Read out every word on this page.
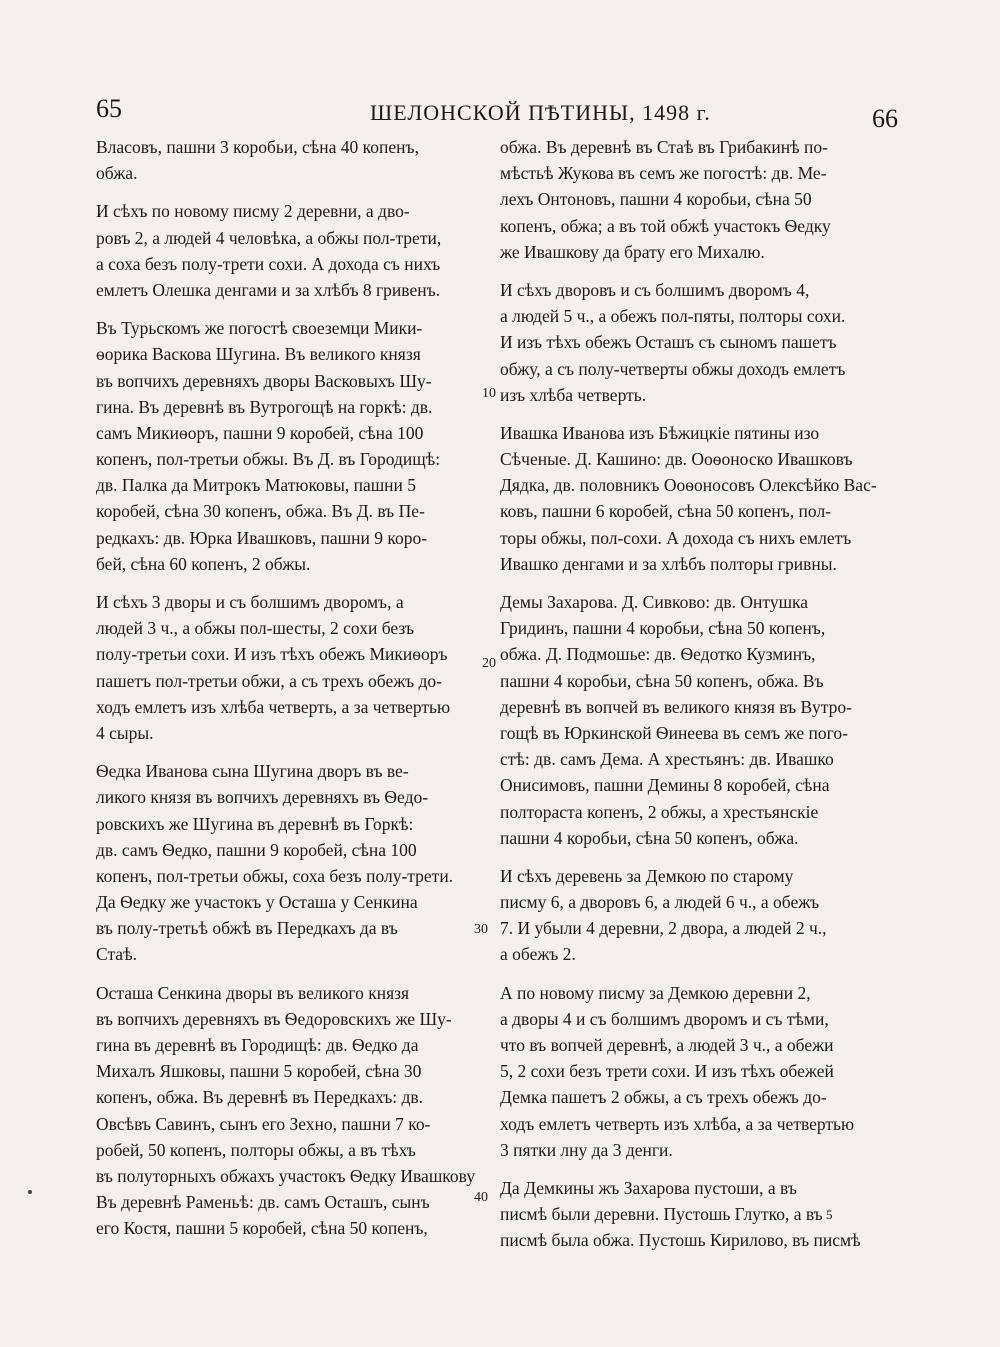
65	ШЕЛОНСКОЙ ПѢТИНЫ, 1498 г.	66
Власовъ, пашни 3 коробьи, сѣна 40 копенъ,
обжа.
И сѣхъ по новому писму 2 деревни, а дво-
ровъ 2, а людей 4 человѣка, а обжы пол-трети,
а соха безъ полу-трети сохи. А дохода съ нихъ
емлетъ Олешка денгами и за хлѣбъ 8 гривенъ.
Въ Турьскомъ же погостѣ своеземци Мики-
ѳорика Васкова Шугина. Въ великого князя
въ вопчихъ деревняхъ дворы Васковыхъ Шу-
гина. Въ деревнѣ въ Вутрогощѣ на горкѣ: дв.
самъ Микиѳоръ, пашни 9 коробей, сѣна 100
копенъ, пол-третьи обжы. Въ Д. въ Городищѣ:
дв. Палка да Митрокъ Матюковы, пашни 5
коробей, сѣна 30 копенъ, обжа. Въ Д. въ Пе-
редкахъ: дв. Юрка Ивашковъ, пашни 9 коро-
бей, сѣна 60 копенъ, 2 обжы.
И сѣхъ 3 дворы и съ болшимъ дворомъ, а
людей 3 ч., а обжы пол-шесты, 2 сохи безъ
полу-третьи сохи. И изъ тѣхъ обежъ Микиѳоръ
пашетъ пол-третьи обжи, а съ трехъ обежъ до-
ходъ емлетъ изъ хлѣба четверть, а за четвертью
4 сыры.
Ѳедка Иванова сына Шугина дворъ въ ве-
ликого князя въ вопчихъ деревняхъ въ Ѳедо-
ровскихъ же Шугина въ деревнѣ въ Горкѣ:
дв. самъ Ѳедко, пашни 9 коробей, сѣна 100
копенъ, пол-третьи обжы, соха безъ полу-трети.
Да Ѳедку же участокъ у Осташа у Сенкина
въ полу-третьѣ обжѣ въ Передкахъ да въ
Стаѣ.
Осташа Сенкина дворы въ великого князя
въ вопчихъ деревняхъ въ Ѳедоровскихъ же Шу-
гина въ деревнѣ въ Городищѣ: дв. Ѳедко да
Михалъ Яшковы, пашни 5 коробей, сѣна 30
копенъ, обжа. Въ деревнѣ въ Передкахъ: дв.
Овсѣвъ Савинъ, сынъ его Зехно, пашни 7 ко-
робей, 50 копенъ, полторы обжы, а въ тѣхъ
въ полуторныхъ обжахъ участокъ Ѳедку Ивашкову
Въ деревнѣ Раменьѣ: дв. самъ Осташъ, сынъ
его Костя, пашни 5 коробей, сѣна 50 копенъ,
обжа. Въ деревнѣ въ Стаѣ въ Грибакинѣ по-
мѣстьѣ Жукова въ семъ же погостѣ: дв. Ме-
лехъ Онтоновъ, пашни 4 коробьи, сѣна 50
копенъ, обжа; а въ той обжѣ участокъ Ѳедку
же Ивашкову да брату его Михалю.
И сѣхъ дворовъ и съ болшимъ дворомъ 4,
а людей 5 ч., а обежъ пол-пяты, полторы сохи.
И изъ тѣхъ обежъ Осташъ съ сыномъ пашетъ
обжу, а съ полу-четверты обжы доходъ емлетъ
изъ хлѣба четверть.
Ивашка Иванова изъ Бѣжицкіе пятины изо
Сѣченые. Д. Кашино: дв. Ооѳоноско Ивашковъ
Дядка, дв. половникъ Ооѳоносовъ Олексѣйко Вас-
ковъ, пашни 6 коробей, сѣна 50 копенъ, пол-
торы обжы, пол-сохи. А дохода съ нихъ емлетъ
Ивашко денгами и за хлѣбъ полторы гривны.
Демы Захарова. Д. Сивково: дв. Онтушка
Гридинъ, пашни 4 коробьи, сѣна 50 копенъ,
обжа. Д. Подмошье: дв. Ѳедотко Кузминъ,
пашни 4 коробьи, сѣна 50 копенъ, обжа. Въ
деревнѣ въ вопчей въ великого князя въ Вутро-
гощѣ въ Юркинской Ѳинеева въ семъ же пого-
стѣ: дв. самъ Дема. А хрестьянъ: дв. Ивашко
Онисимовъ, пашни Демины 8 коробей, сѣна
полтораста копенъ, 2 обжы, а хрестьянскіе
пашни 4 коробьи, сѣна 50 копенъ, обжа.
И сѣхъ деревень за Демкою по старому
писму 6, а дворовъ 6, а людей 6 ч., а обежъ
7. И убыли 4 деревни, 2 двора, а людей 2 ч.,
а обежъ 2.
А по новому писму за Демкою деревни 2,
а дворы 4 и съ болшимъ дворомъ и съ тѣми,
что въ вопчей деревнѣ, а людей 3 ч., а обежи
5, 2 сохи безъ трети сохи. И изъ тѣхъ обежей
Демка пашетъ 2 обжы, а съ трехъ обежъ до-
ходъ емлетъ четверть изъ хлѣба, а за четвертью
3 пятки лну да 3 денги.
Да Демкины жъ Захарова пустоши, а въ
писмѣ были деревни. Пустошь Глутко, а въ
писмѣ была обжа. Пустошь Кирилово, въ писмѣ
10
20
30
40
5
